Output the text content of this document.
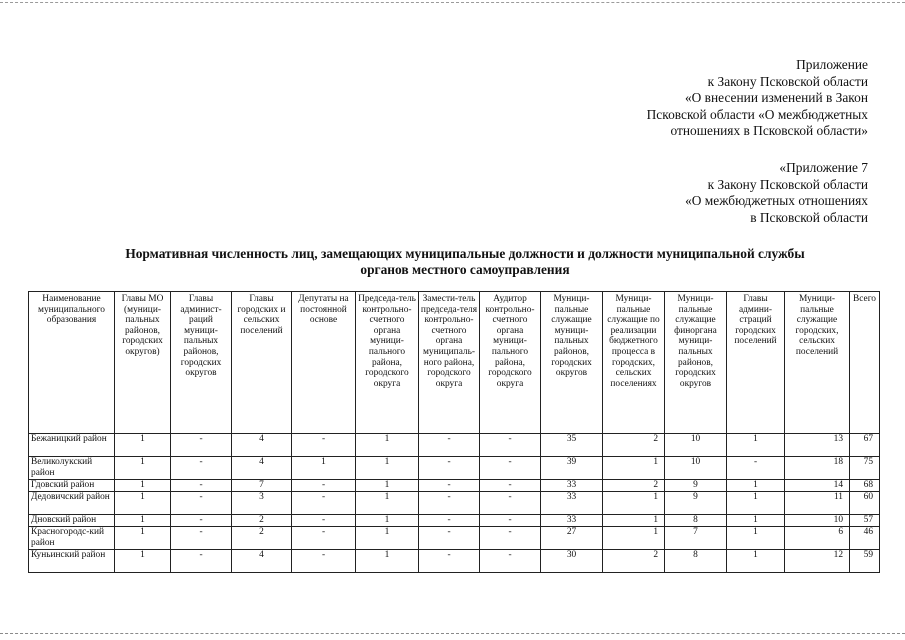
Приложение
к Закону Псковской области
«О внесении изменений в Закон
Псковской области «О межбюджетных
отношениях в Псковской области»
«Приложение 7
к Закону Псковской области
«О межбюджетных отношениях
в Псковской области
Нормативная численность лиц, замещающих муниципальные должности и должности муниципальной службы
органов местного самоуправления
Наименование муниципального образования	Главы МО (муници-пальных районов, городских округов)	Главы админист-раций муници-пальных районов, городских округов	Главы городских и сельских поселений	Депутаты на постоянной основе	Председа-тель контрольно-счетного органа муници-пального района, городского округа	Замести-тель председа-теля контрольно-счетного органа муниципаль-ного района, городского округа	Аудитор контрольно-счетного органа муници-пального района, городского округа	Муници-пальные служащие муници-пальных районов, городских округов	Муници-пальные служащие по реализации бюджетного процесса в городских, сельских поселениях	Муници-пальные служащие финоргана муници-пальных районов, городских округов	Главы админи-страций городских поселений	Муници-пальные служащие городских, сельских поселений	Всего
Бежаницкий район	1	-	4	-	1	-	-	35	2	10	1	13	67
Великолукский район	1	-	4	1	1	-	-	39	1	10	-	18	75
Гдовский район	1	-	7	-	1	-	-	33	2	9	1	14	68
Дедовичский район	1	-	3	-	1	-	-	33	1	9	1	11	60
Дновский район	1	-	2	-	1	-	-	33	1	8	1	10	57
Красногородс-кий район	1	-	2	-	1	-	-	27	1	7	1	6	46
Куньинский район	1	-	4	-	1	-	-	30	2	8	1	12	59
